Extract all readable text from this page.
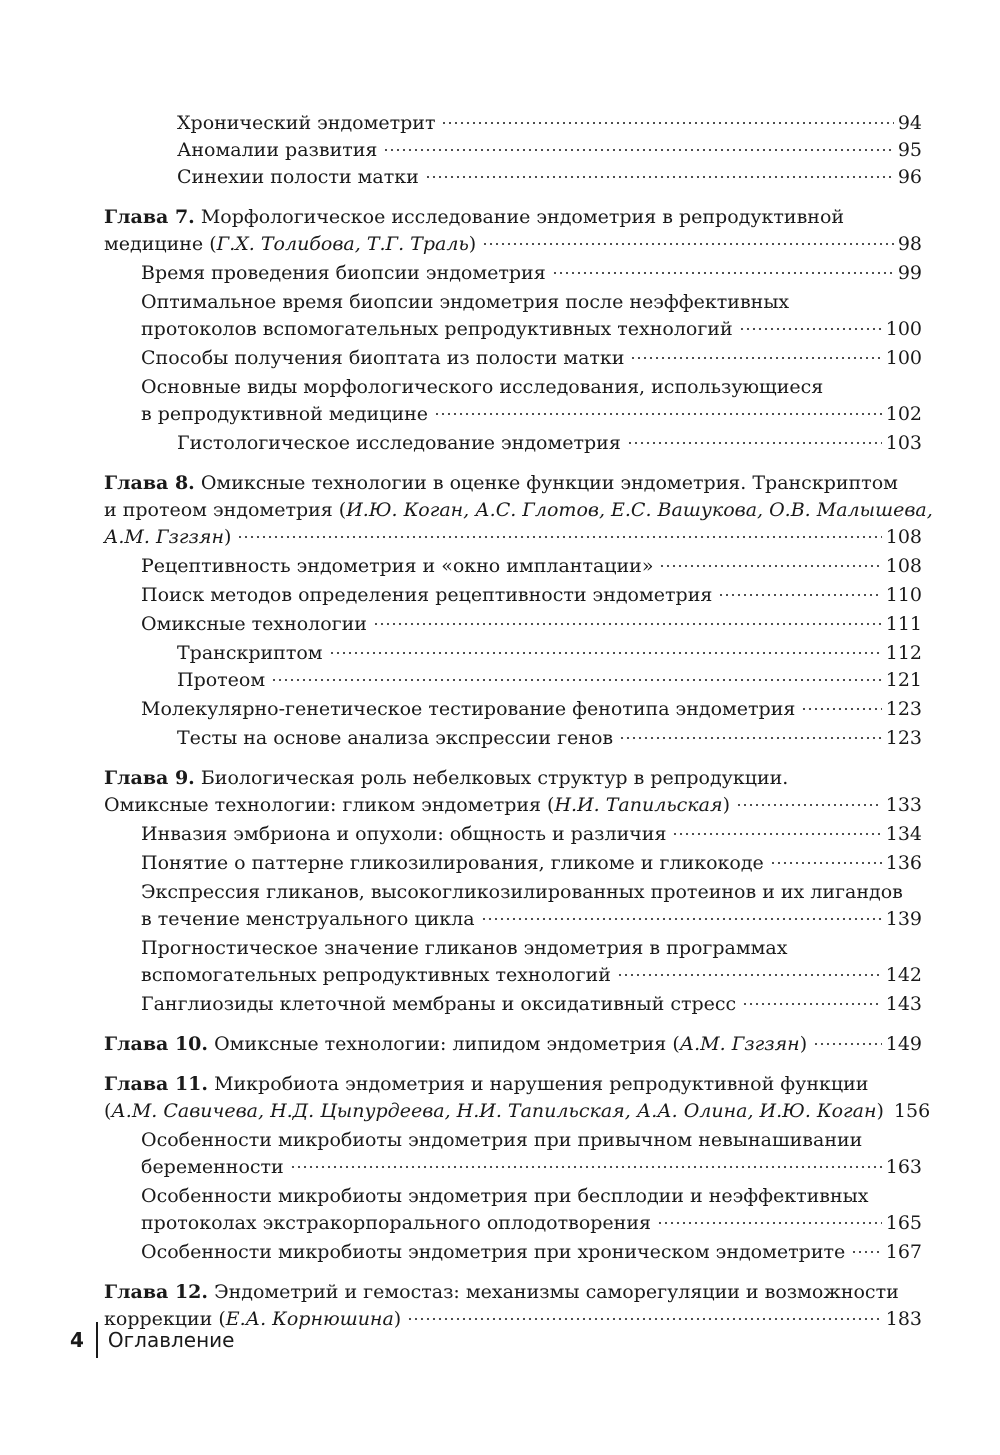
Хронический эндометрит	94
Аномалии развития	95
Синехии полости матки	96
Глава 7. Морфологическое исследование эндометрия в репродуктивной
медицине (Г.Х. Толибова, Т.Г. Траль)	98
Время проведения биопсии эндометрия	99
Оптимальное время биопсии эндометрия после неэффективных
протоколов вспомогательных репродуктивных технологий	100
Способы получения биоптата из полости матки	100
Основные виды морфологического исследования, использующиеся
в репродуктивной медицине	102
Гистологическое исследование эндометрия	103
Глава 8. Омиксные технологии в оценке функции эндометрия. Транскриптом
и протеом эндометрия (И.Ю. Коган, А.С. Глотов, Е.С. Вашукова, О.В. Малышева,
А.М. Гзгзян)	108
Рецептивность эндометрия и «окно имплантации»	108
Поиск методов определения рецептивности эндометрия	110
Омиксные технологии	111
Транскриптом	112
Протеом	121
Молекулярно-генетическое тестирование фенотипа эндометрия	123
Тесты на основе анализа экспрессии генов	123
Глава 9. Биологическая роль небелковых структур в репродукции.
Омиксные технологии: гликом эндометрия (Н.И. Тапильская)	133
Инвазия эмбриона и опухоли: общность и различия	134
Понятие о паттерне гликозилирования, гликоме и гликокоде	136
Экспрессия гликанов, высокогликозилированных протеинов и их лигандов
в течение менструального цикла	139
Прогностическое значение гликанов эндометрия в программах
вспомогательных репродуктивных технологий	142
Ганглиозиды клеточной мембраны и оксидативный стресс	143
Глава 10. Омиксные технологии: липидом эндометрия (А.М. Гзгзян)	149
Глава 11. Микробиота эндометрия и нарушения репродуктивной функции
(А.М. Савичева, Н.Д. Цыпурдеева, Н.И. Тапильская, А.А. Олина, И.Ю. Коган) 156
Особенности микробиоты эндометрия при привычном невынашивании
беременности	163
Особенности микробиоты эндометрия при бесплодии и неэффективных
протоколах экстракорпорального оплодотворения	165
Особенности микробиоты эндометрия при хроническом эндометрите 167
Глава 12. Эндометрий и гемостаз: механизмы саморегуляции и возможности
коррекции (Е.А. Корнюшина)	183
4 Оглавление
